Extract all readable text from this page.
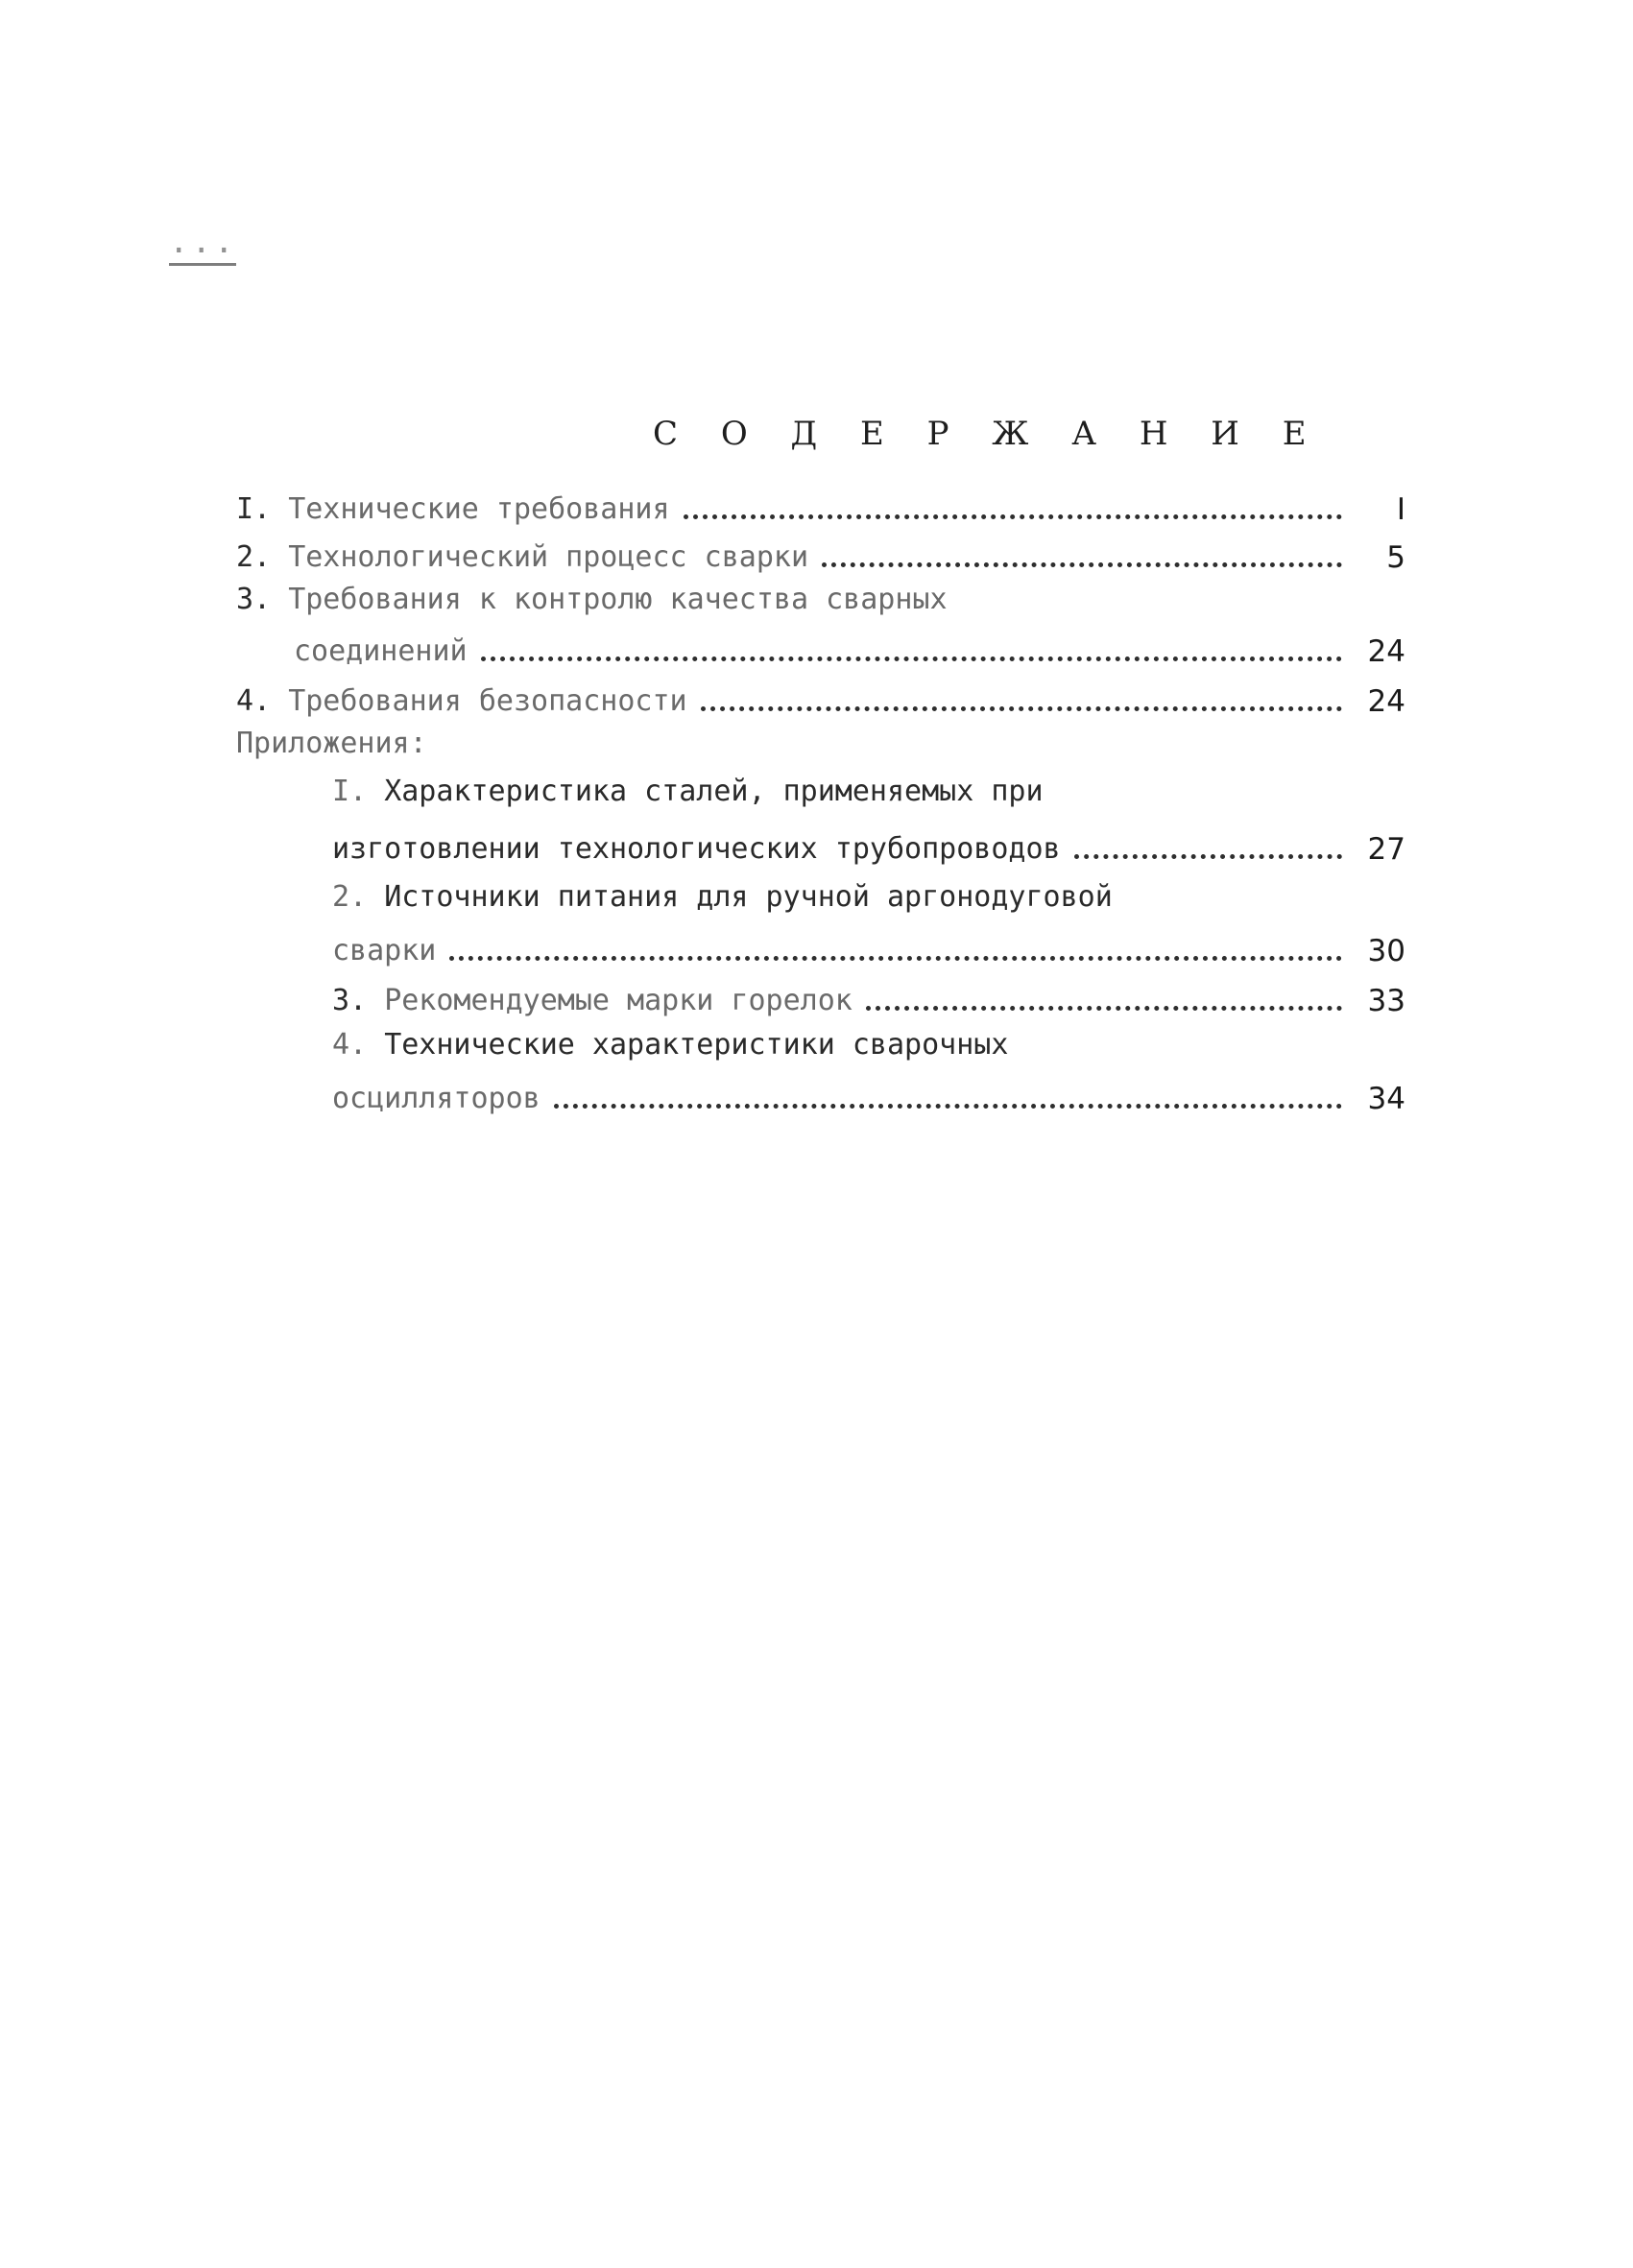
...
С О Д Е Р Ж А Н И Е
I. Технические требования	I
2. Технологический процесс сварки	5
3. Требования к контролю качества сварных
соединений	24
4. Требования безопасности	24
Приложения:
I. Характеристика сталей, применяемых при
изготовлении технологических трубопроводов	27
2. Источники питания для ручной аргонодуговой
сварки	30
3. Рекомендуемые марки горелок	33
4. Технические характеристики сварочных
осцилляторов	34
